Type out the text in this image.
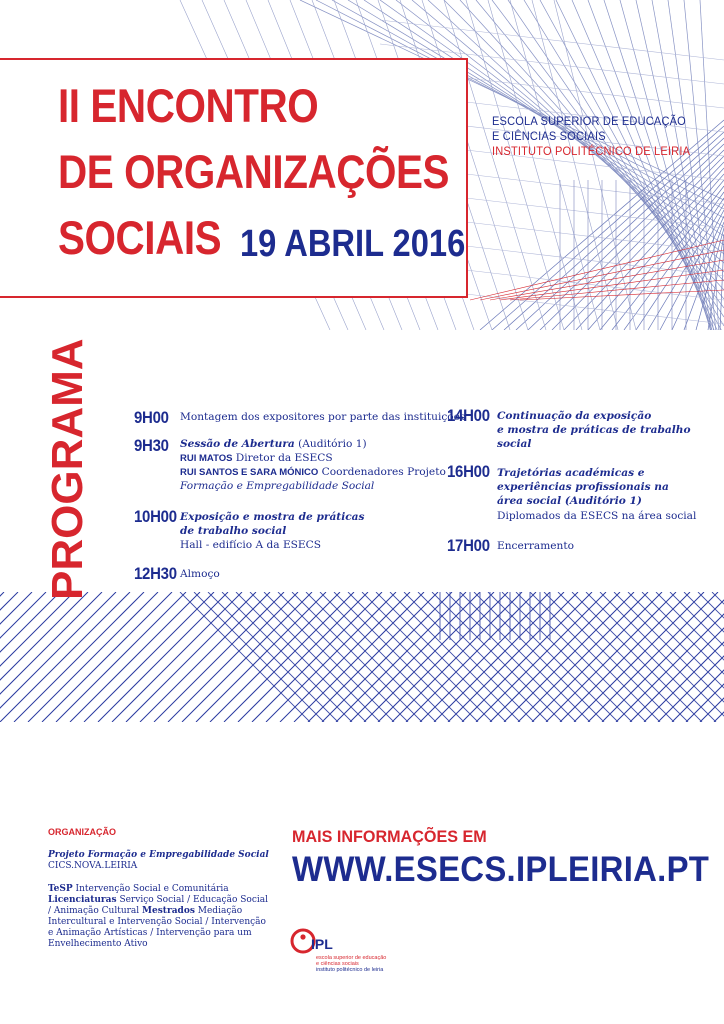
II ENCONTRO
DE ORGANIZAÇÕES
SOCIAIS 19 ABRIL 2016
ESCOLA SUPERIOR DE EDUCAÇÃO
E CIÊNCIAS SOCIAIS
INSTITUTO POLITÉCNICO DE LEIRIA
PROGRAMA 9H00 Montagem dos expositores por parte das instituições
9H30 Sessão de Abertura (Auditório 1)
RUI MATOS Diretor da ESECS
RUI SANTOS E SARA MÓNICO Coordenadores Projeto
Formação e Empregabilidade Social
10H00 Exposição e mostra de práticas
de trabalho social
Hall - edifício A da ESECS
12H30 Almoço
14H00 Continuação da exposição
e mostra de práticas de trabalho
social
16H00 Trajetórias académicas e
experiências profissionais na
área social (Auditório 1)
Diplomados da ESECS na área social
17H00 Encerramento
ORGANIZAÇÃO
Projeto Formação e Empregabilidade Social
CICS.NOVA.LEIRIA
TeSP Intervenção Social e Comunitária
Licenciaturas Serviço Social / Educação Social
/ Animação Cultural Mestrados Mediação
Intercultural e Intervenção Social / Intervenção
e Animação Artísticas / Intervenção para um
Envelhecimento Ativo
MAIS INFORMAÇÕES EM
WWW.ESECS.IPLEIRIA.PT
IPL
escola superior de educação
e ciências sociais
instituto politécnico de leiria
